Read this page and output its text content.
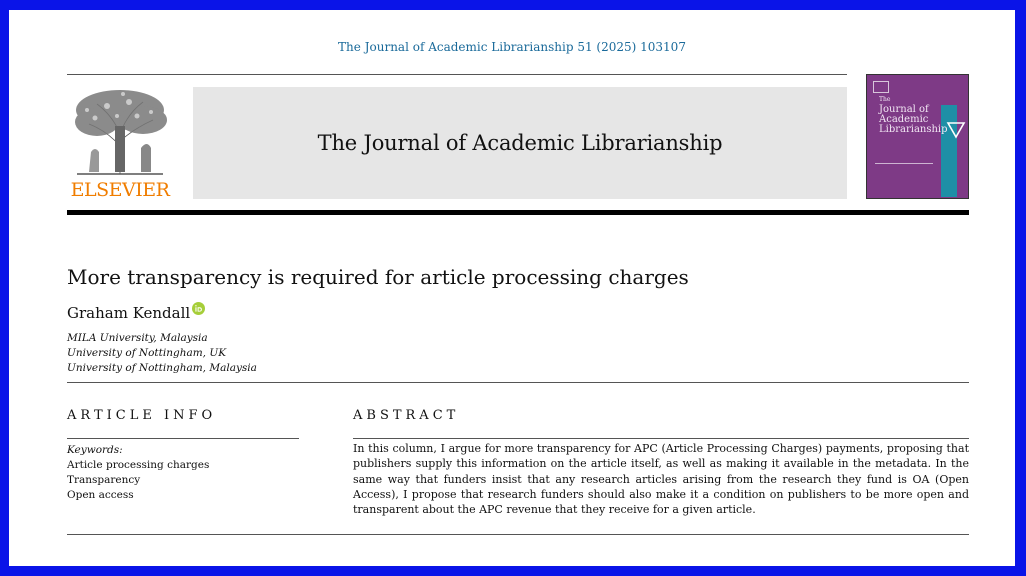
The Journal of Academic Librarianship 51 (2025) 103107
ELSEVIER
The Journal of Academic Librarianship
The
Journal of
Academic
Librarianship
More transparency is required for article processing charges
Graham Kendall
MILA University, Malaysia
University of Nottingham, UK
University of Nottingham, Malaysia
ARTICLE INFO
Keywords:
Article processing charges
Transparency
Open access
ABSTRACT
In this column, I argue for more transparency for APC (Article Processing Charges) payments, proposing that publishers supply this information on the article itself, as well as making it available in the metadata. In the same way that funders insist that any research articles arising from the research they fund is OA (Open Access), I propose that research funders should also make it a condition on publishers to be more open and transparent about the APC revenue that they receive for a given article.
